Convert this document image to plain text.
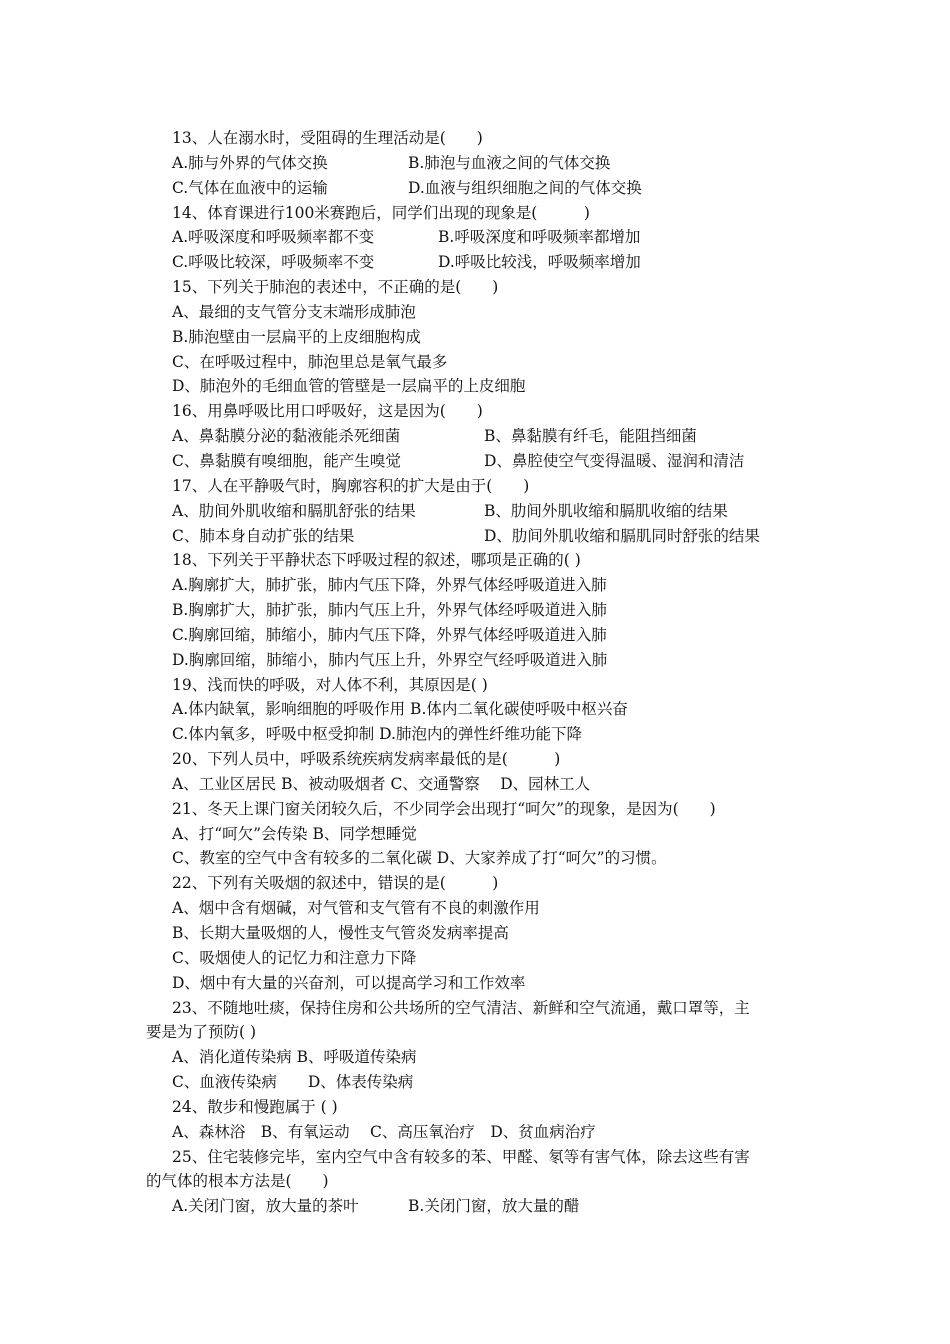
13、人在溺水时，受阻碍的生理活动是(　　)
A.肺与外界的气体交换	B.肺泡与血液之间的气体交换
C.气体在血液中的运输	D.血液与组织细胞之间的气体交换
14、体育课进行100米赛跑后，同学们出现的现象是(　　　)
A.呼吸深度和呼吸频率都不变	B.呼吸深度和呼吸频率都增加
C.呼吸比较深，呼吸频率不变	D.呼吸比较浅，呼吸频率增加
15、下列关于肺泡的表述中，不正确的是(　　)
A、最细的支气管分支末端形成肺泡
B.肺泡壁由一层扁平的上皮细胞构成
C、在呼吸过程中，肺泡里总是氧气最多
D、肺泡外的毛细血管的管壁是一层扁平的上皮细胞
16、用鼻呼吸比用口呼吸好，这是因为(　　)
A、鼻黏膜分泌的黏液能杀死细菌	B、鼻黏膜有纤毛，能阻挡细菌
C、鼻黏膜有嗅细胞，能产生嗅觉	D、鼻腔使空气变得温暖、湿润和清洁
17、人在平静吸气时，胸廓容积的扩大是由于(　　)
A、肋间外肌收缩和膈肌舒张的结果	B、肋间外肌收缩和膈肌收缩的结果
C、肺本身自动扩张的结果	D、肋间外肌收缩和膈肌同时舒张的结果
18、下列关于平静状态下呼吸过程的叙述，哪项是正确的( )
A.胸廓扩大，肺扩张，肺内气压下降，外界气体经呼吸道进入肺
B.胸廓扩大，肺扩张，肺内气压上升，外界气体经呼吸道进入肺
C.胸廓回缩，肺缩小，肺内气压下降，外界气体经呼吸道进入肺
D.胸廓回缩，肺缩小，肺内气压上升，外界空气经呼吸道进入肺
19、浅而快的呼吸，对人体不利，其原因是( )
A.体内缺氧，影响细胞的呼吸作用 B.体内二氧化碳使呼吸中枢兴奋
C.体内氧多，呼吸中枢受抑制 D.肺泡内的弹性纤维功能下降
20、下列人员中，呼吸系统疾病发病率最低的是(　　　)
A、工业区居民 B、被动吸烟者 C、交通警察　 D、园林工人
21、冬天上课门窗关闭较久后，不少同学会出现打“呵欠”的现象，是因为(　　)
A、打“呵欠”会传染 B、同学想睡觉
C、教室的空气中含有较多的二氧化碳 D、大家养成了打“呵欠”的习惯。
22、下列有关吸烟的叙述中，错误的是(　　　)
A、烟中含有烟碱，对气管和支气管有不良的刺激作用
B、长期大量吸烟的人，慢性支气管炎发病率提高
C、吸烟使人的记忆力和注意力下降
D、烟中有大量的兴奋剂，可以提高学习和工作效率
23、不随地吐痰，保持住房和公共场所的空气清洁、新鲜和空气流通，戴口罩等，主
要是为了预防( )
A、消化道传染病 B、呼吸道传染病
C、血液传染病　　D、体表传染病
24、散步和慢跑属于 ( )
A、森林浴　B、有氧运动　 C、高压氧治疗　D、贫血病治疗
25、住宅装修完毕，室内空气中含有较多的苯、甲醛、氡等有害气体，除去这些有害
的气体的根本方法是(　　)
A.关闭门窗，放大量的茶叶	B.关闭门窗，放大量的醋
